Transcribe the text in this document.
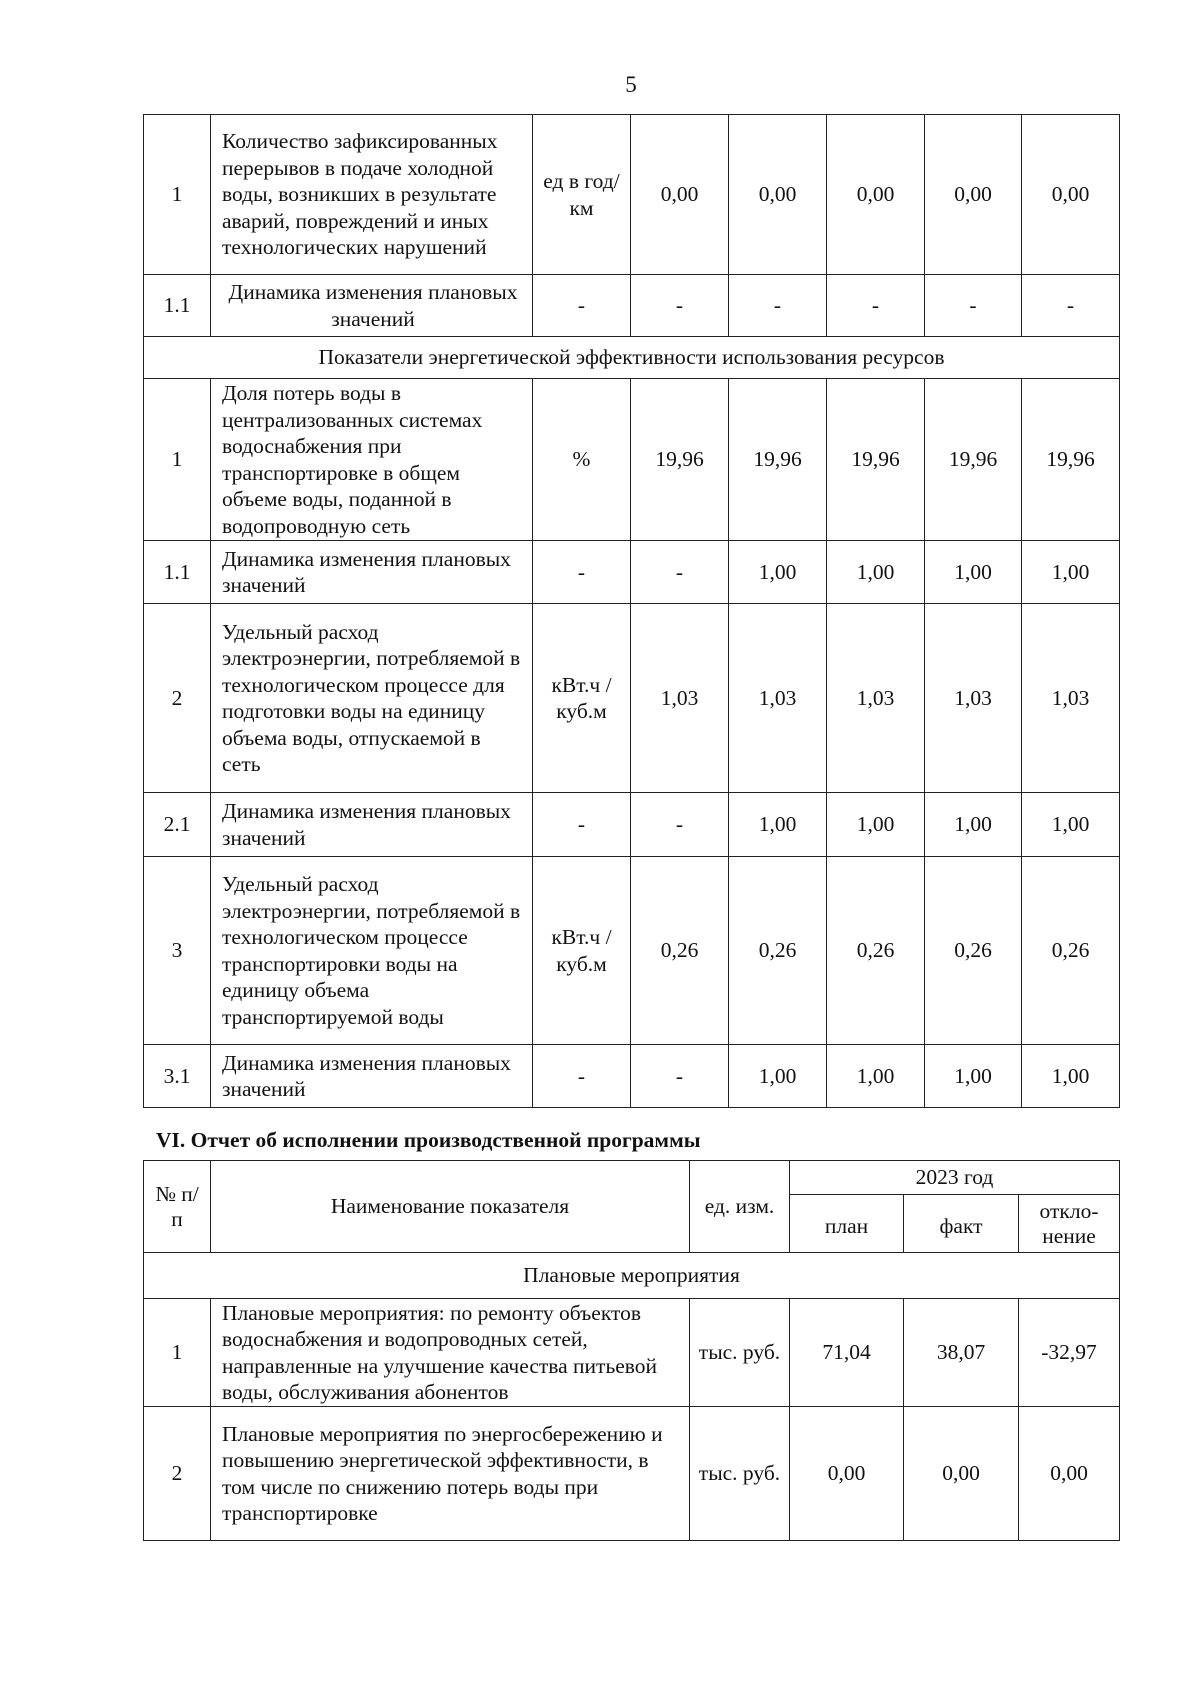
5
1	Количество зафиксированных перерывов в подаче холодной воды, возникших в результате аварий, повреждений и иных технологических нарушений	ед в год/ км	0,00	0,00	0,00	0,00	0,00
1.1	Динамика изменения плановых значений	-	-	-	-	-	-
Показатели энергетической эффективности использования ресурсов							
1	Доля потерь воды в централизованных системах водоснабжения при транспортировке в общем объеме воды, поданной в водопроводную сеть	%	19,96	19,96	19,96	19,96	19,96
1.1	Динамика изменения плановых значений	-	-	1,00	1,00	1,00	1,00
2	Удельный расход электроэнергии, потребляемой в технологическом процессе для подготовки воды на единицу объема воды, отпускаемой в сеть	кВт.ч / куб.м	1,03	1,03	1,03	1,03	1,03
2.1	Динамика изменения плановых значений	-	-	1,00	1,00	1,00	1,00
3	Удельный расход электроэнергии, потребляемой в технологическом процессе транспортировки воды на единицу объема транспортируемой воды	кВт.ч / куб.м	0,26	0,26	0,26	0,26	0,26
3.1	Динамика изменения плановых значений	-	-	1,00	1,00	1,00	1,00
VI. Отчет об исполнении производственной программы
№ п/п	Наименование показателя	ед. изм.	2023 год		
			план	факт	откло-нение
Плановые мероприятия					
1	Плановые мероприятия: по ремонту объектов водоснабжения и водопроводных сетей, направленные на улучшение качества питьевой воды, обслуживания абонентов	тыс. руб.	71,04	38,07	-32,97
2	Плановые мероприятия по энергосбережению и повышению энергетической эффективности, в том числе по снижению потерь воды при транспортировке	тыс. руб.	0,00	0,00	0,00
